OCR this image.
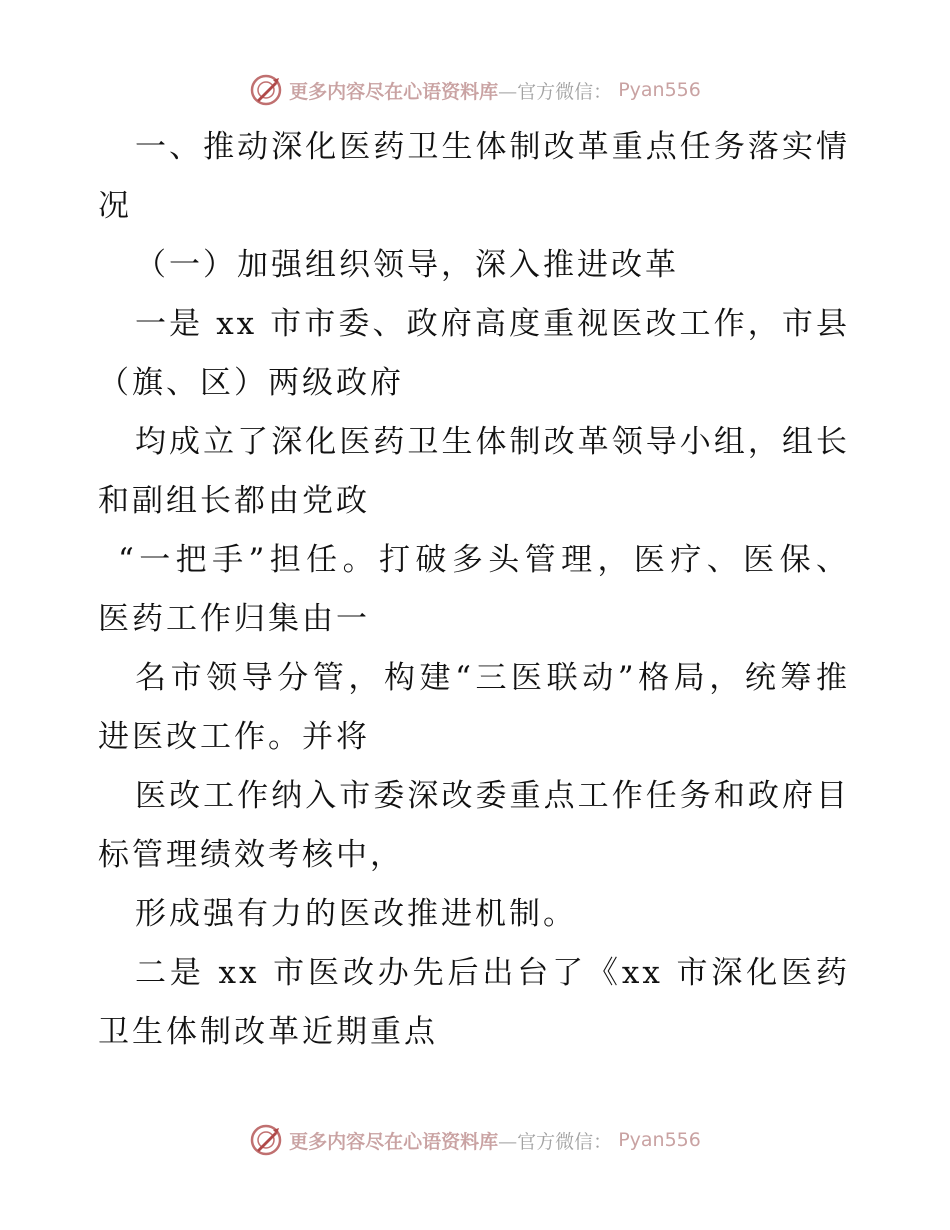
更多内容尽在心语资料库—官方微信： Pyan556
一、推动深化医药卫生体制改革重点任务落实情
况
（一）加强组织领导，深入推进改革
一是 xx 市市委、政府高度重视医改工作，市县
（旗、区）两级政府
均成立了深化医药卫生体制改革领导小组，组长
和副组长都由党政
“一把手”担任。打破多头管理，医疗、医保、
医药工作归集由一
名市领导分管，构建“三医联动”格局，统筹推
进医改工作。并将
医改工作纳入市委深改委重点工作任务和政府目
标管理绩效考核中，
形成强有力的医改推进机制。
二是 xx 市医改办先后出台了《xx 市深化医药
卫生体制改革近期重点
更多内容尽在心语资料库—官方微信： Pyan556
